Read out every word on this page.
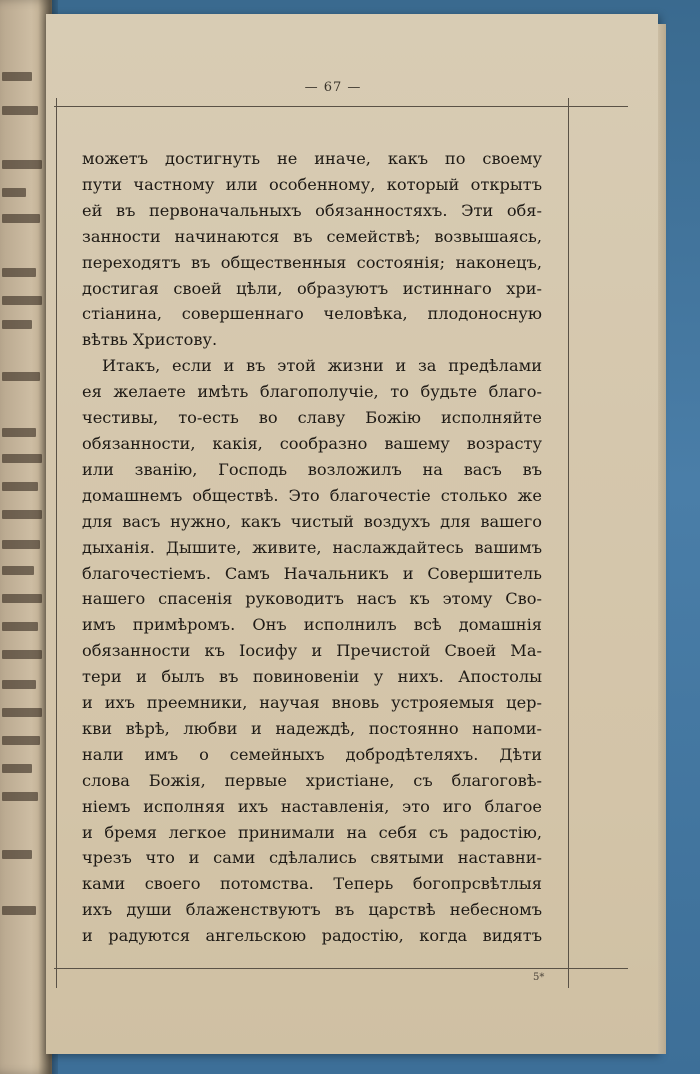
— 67 —
можетъ достигнуть не иначе, какъ по своему
пути частному или особенному, который открытъ
ей въ первоначальныхъ обязанностяхъ. Эти обя-
занности начинаются въ семействѣ; возвышаясь,
переходятъ въ общественныя состоянія; наконецъ,
достигая своей цѣли, образуютъ истиннаго хри-
стіанина, совершеннаго человѣка, плодоносную
вѣтвь Христову.
Итакъ, если и въ этой жизни и за предѣлами
ея желаете имѣть благополучіе, то будьте благо-
честивы, то-есть во славу Божію исполняйте
обязанности, какія, сообразно вашему возрасту
или званію, Господь возложилъ на васъ въ
домашнемъ обществѣ. Это благочестіе столько же
для васъ нужно, какъ чистый воздухъ для вашего
дыханія. Дышите, живите, наслаждайтесь вашимъ
благочестіемъ. Самъ Начальникъ и Совершитель
нашего спасенія руководитъ насъ къ этому Сво-
имъ примѣромъ. Онъ исполнилъ всѣ домашнія
обязанности къ Іосифу и Пречистой Своей Ма-
тери и былъ въ повиновеніи у нихъ. Апостолы
и ихъ преемники, научая вновь устрояемыя цер-
кви вѣрѣ, любви и надеждѣ, постоянно напоми-
нали имъ о семейныхъ добродѣтеляхъ. Дѣти
слова Божія, первые христіане, съ благоговѣ-
ніемъ исполняя ихъ наставленія, это иго благое
и бремя легкое принимали на себя съ радостію,
чрезъ что и сами сдѣлались святыми наставни-
ками своего потомства. Теперь богопрсвѣтлыя
ихъ души блаженствуютъ въ царствѣ небесномъ
и радуются ангельскою радостію, когда видятъ
5*
